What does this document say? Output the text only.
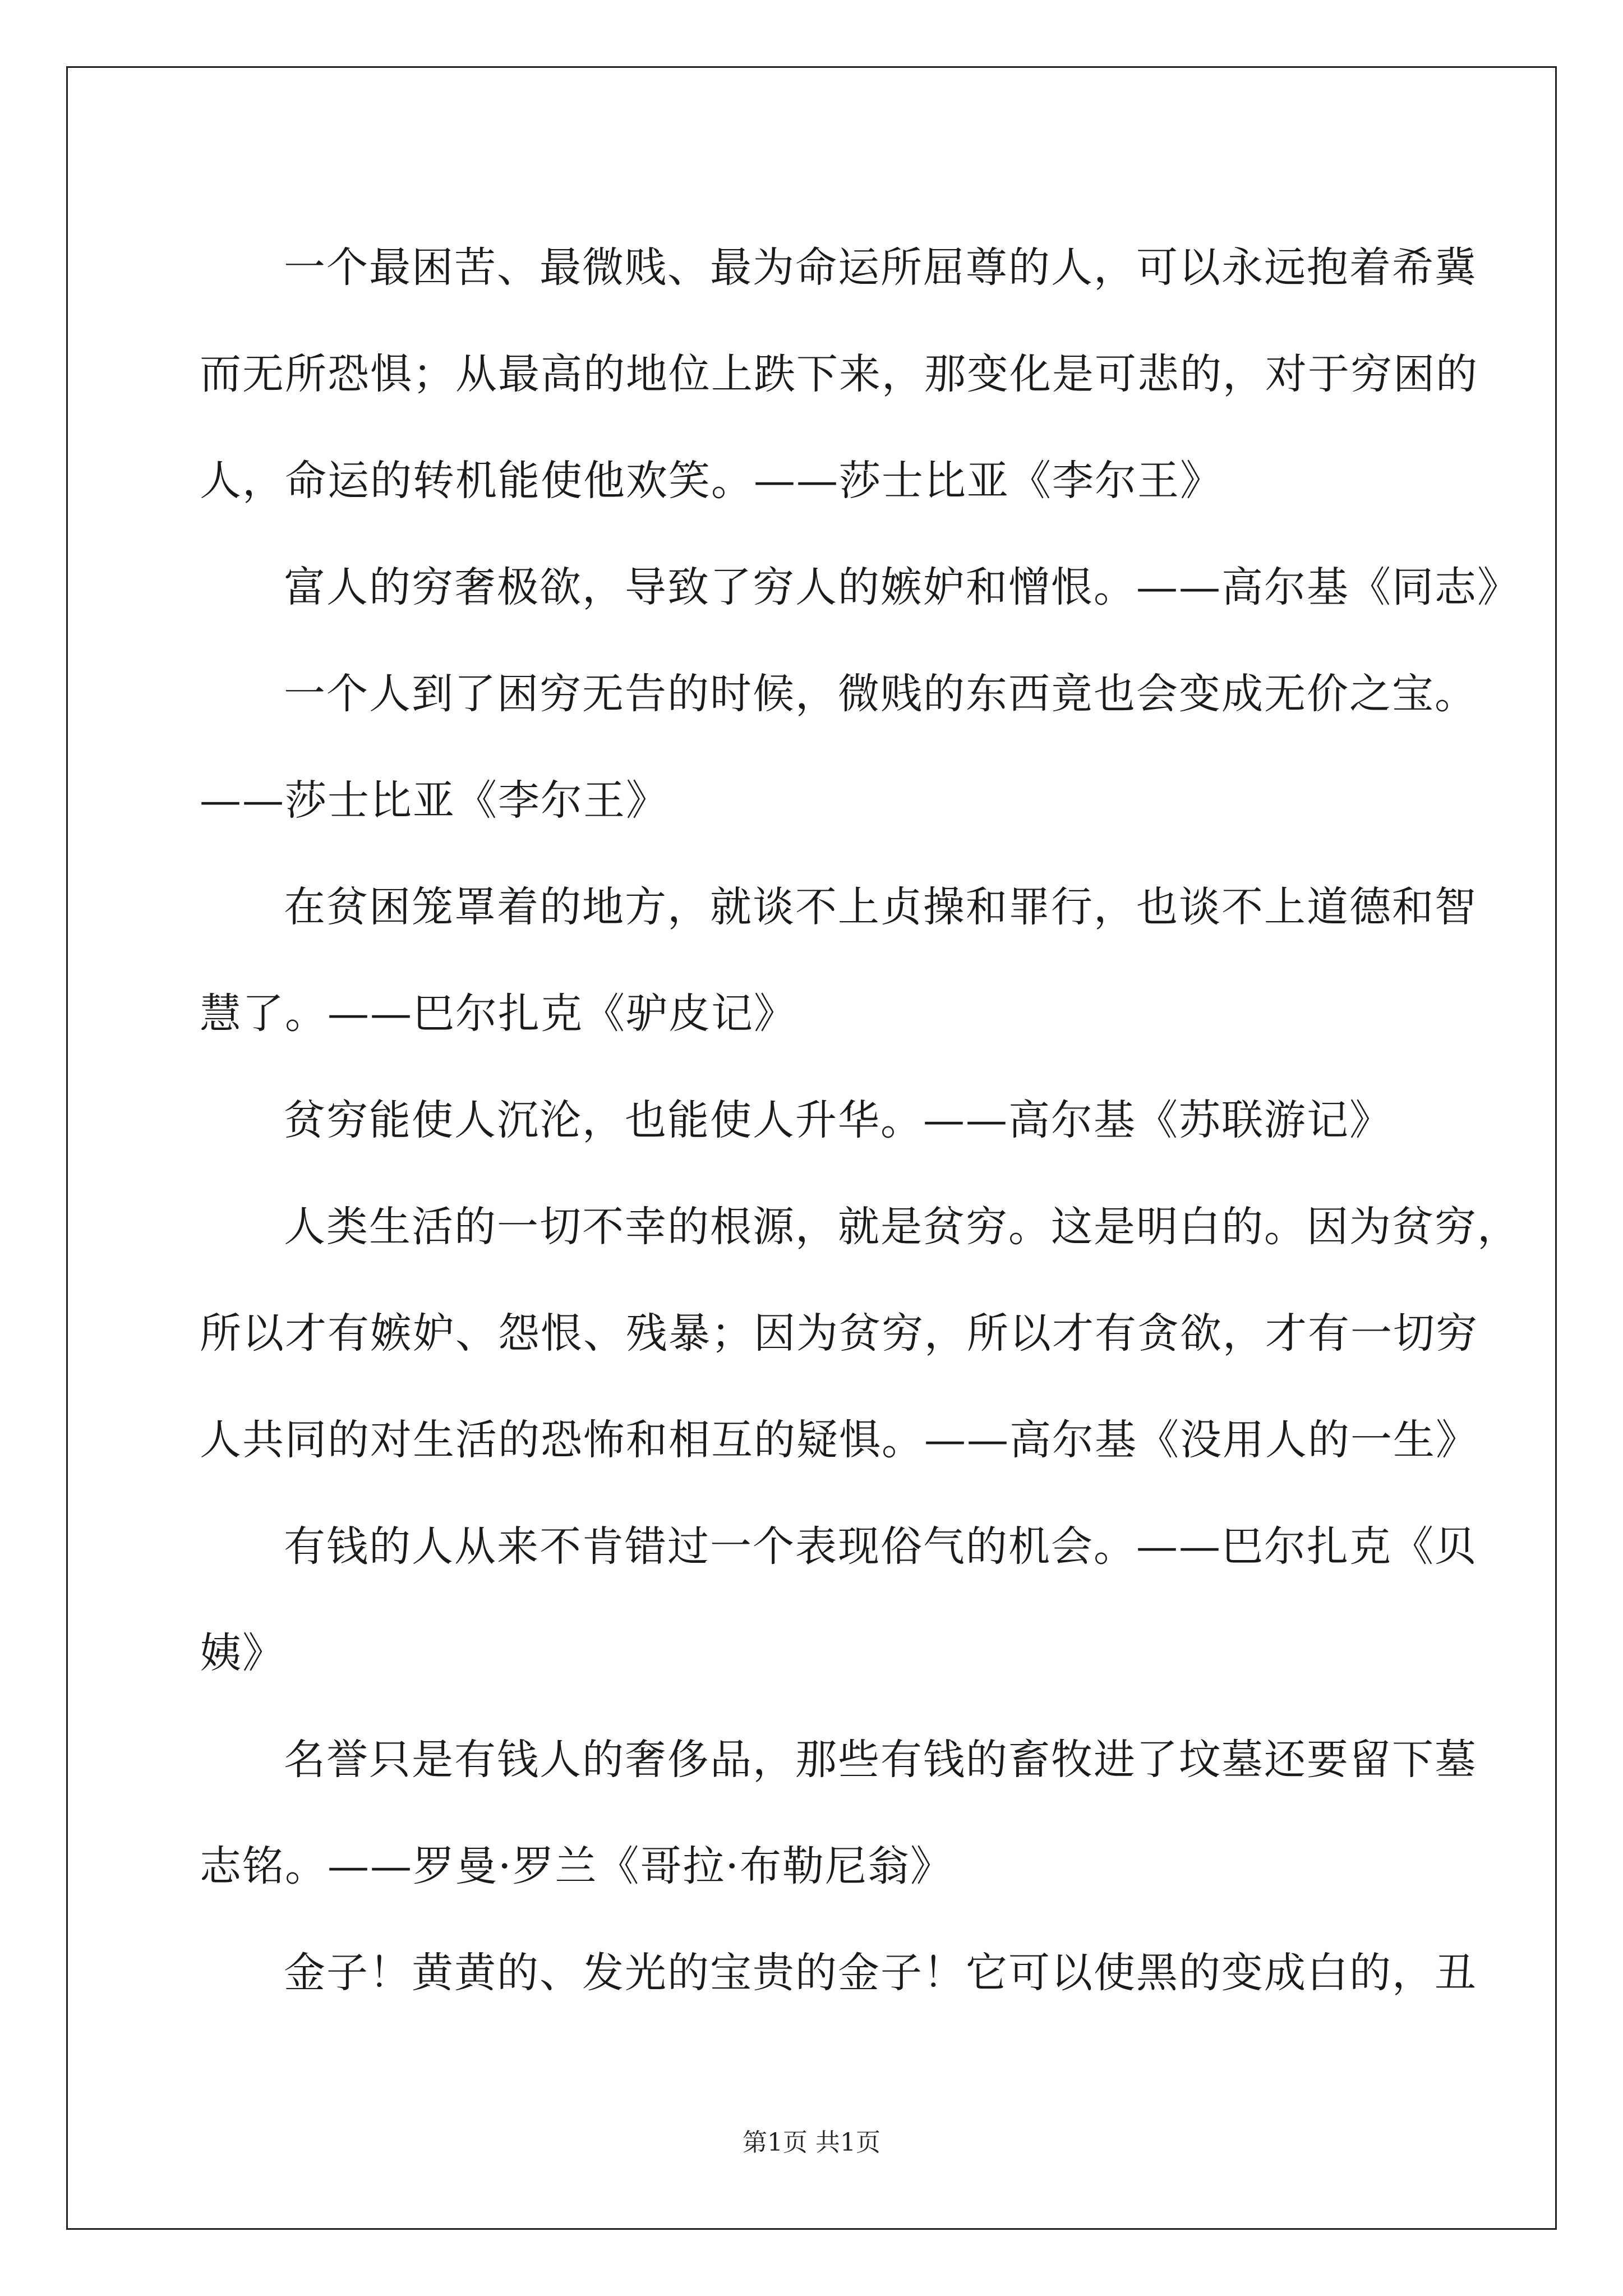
一个最困苦、最微贱、最为命运所屈尊的人，可以永远抱着希冀

而无所恐惧；从最高的地位上跌下来，那变化是可悲的，对于穷困的

人，命运的转机能使他欢笑。——莎士比亚《李尔王》

富人的穷奢极欲，导致了穷人的嫉妒和憎恨。——高尔基《同志》

一个人到了困穷无告的时候，微贱的东西竟也会变成无价之宝。

——莎士比亚《李尔王》

在贫困笼罩着的地方，就谈不上贞操和罪行，也谈不上道德和智

慧了。——巴尔扎克《驴皮记》

贫穷能使人沉沦，也能使人升华。——高尔基《苏联游记》

人类生活的一切不幸的根源，就是贫穷。这是明白的。因为贫穷，

所以才有嫉妒、怨恨、残暴；因为贫穷，所以才有贪欲，才有一切穷

人共同的对生活的恐怖和相互的疑惧。——高尔基《没用人的一生》

有钱的人从来不肯错过一个表现俗气的机会。——巴尔扎克《贝

姨》

名誉只是有钱人的奢侈品，那些有钱的畜牧进了坟墓还要留下墓

志铭。——罗曼·罗兰《哥拉·布勒尼翁》

金子！黄黄的、发光的宝贵的金子！它可以使黑的变成白的，丑

第1页 共1页
